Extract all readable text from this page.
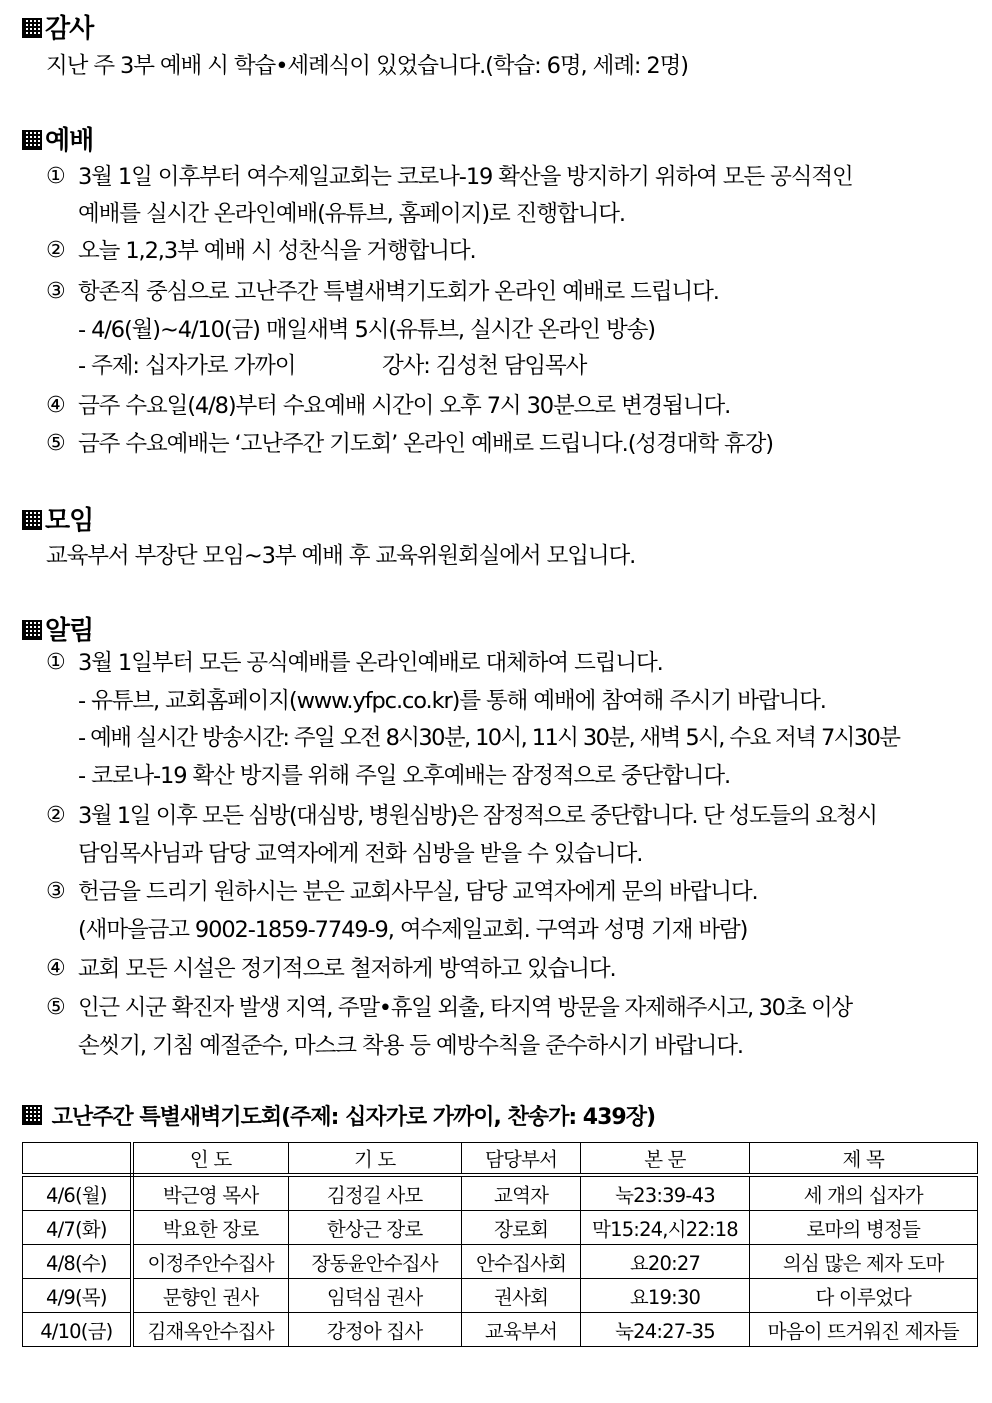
감사
지난 주 3부 예배 시 학습•세례식이 있었습니다.(학습: 6명, 세례: 2명)
예배
① 3월 1일 이후부터 여수제일교회는 코로나-19 확산을 방지하기 위하여 모든 공식적인
예배를 실시간 온라인예배(유튜브, 홈페이지)로 진행합니다.
② 오늘 1,2,3부 예배 시 성찬식을 거행합니다.
③ 항존직 중심으로 고난주간 특별새벽기도회가 온라인 예배로 드립니다.
- 4/6(월)~4/10(금) 매일새벽 5시(유튜브, 실시간 온라인 방송)
- 주제: 십자가로 가까이	강사: 김성천 담임목사
④ 금주 수요일(4/8)부터 수요예배 시간이 오후 7시 30분으로 변경됩니다.
⑤ 금주 수요예배는 ‘고난주간 기도회’ 온라인 예배로 드립니다.(성경대학 휴강)
모임
교육부서 부장단 모임~3부 예배 후 교육위원회실에서 모입니다.
알림
① 3월 1일부터 모든 공식예배를 온라인예배로 대체하여 드립니다.
- 유튜브, 교회홈페이지(www.yfpc.co.kr)를 통해 예배에 참여해 주시기 바랍니다.
- 예배 실시간 방송시간: 주일 오전 8시30분, 10시, 11시 30분, 새벽 5시, 수요 저녁 7시30분
- 코로나-19 확산 방지를 위해 주일 오후예배는 잠정적으로 중단합니다.
② 3월 1일 이후 모든 심방(대심방, 병원심방)은 잠정적으로 중단합니다. 단 성도들의 요청시
담임목사님과 담당 교역자에게 전화 심방을 받을 수 있습니다.
③ 헌금을 드리기 원하시는 분은 교회사무실, 담당 교역자에게 문의 바랍니다.
(새마을금고 9002-1859-7749-9, 여수제일교회. 구역과 성명 기재 바람)
④ 교회 모든 시설은 정기적으로 철저하게 방역하고 있습니다.
⑤ 인근 시군 확진자 발생 지역, 주말•휴일 외출, 타지역 방문을 자제해주시고, 30초 이상
손씻기, 기침 예절준수, 마스크 착용 등 예방수칙을 준수하시기 바랍니다.
고난주간 특별새벽기도회(주제: 십자가로 가까이, 찬송가: 439장)
	인 도	기 도	담당부서	본 문	제 목
4/6(월)	박근영 목사	김정길 사모	교역자	눅23:39-43	세 개의 십자가
4/7(화)	박요한 장로	한상근 장로	장로회	막15:24,시22:18	로마의 병정들
4/8(수)	이정주안수집사	장동윤안수집사	안수집사회	요20:27	의심 많은 제자 도마
4/9(목)	문향인 권사	임덕심 권사	권사회	요19:30	다 이루었다
4/10(금)	김재옥안수집사	강정아 집사	교육부서	눅24:27-35	마음이 뜨거워진 제자들
